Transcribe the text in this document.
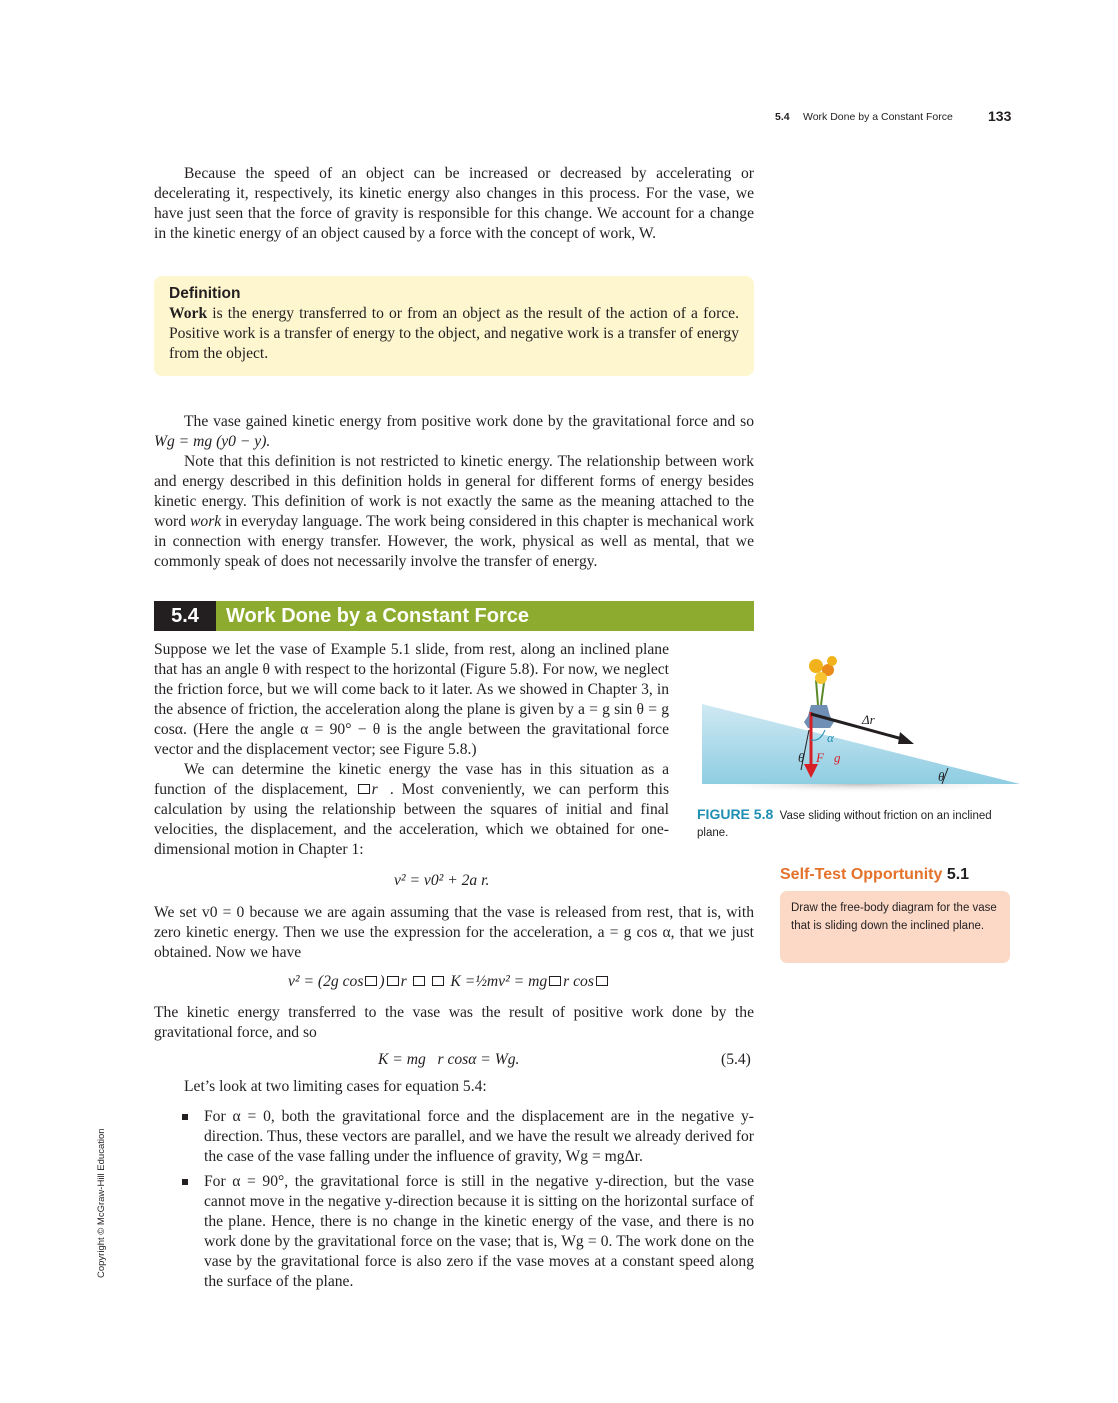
5.4 Work Done by a Constant Force	133

Because the speed of an object can be increased or decreased by accelerating or decelerating it, respectively, its kinetic energy also changes in this process. For the vase, we have just seen that the force of gravity is responsible for this change. We account for a change in the kinetic energy of an object caused by a force with the concept of work, W.

Definition
Work is the energy transferred to or from an object as the result of the action of a force. Positive work is a transfer of energy to the object, and negative work is a transfer of energy from the object.

The vase gained kinetic energy from positive work done by the gravitational force and so Wg = mg (y0 − y).

Note that this definition is not restricted to kinetic energy. The relationship between work and energy described in this definition holds in general for different forms of energy besides kinetic energy. This definition of work is not exactly the same as the meaning attached to the word work in everyday language. The work being considered in this chapter is mechanical work in connection with energy transfer. However, the work, physical as well as mental, that we commonly speak of does not necessarily involve the transfer of energy.

5.4	Work Done by a Constant Force

Suppose we let the vase of Example 5.1 slide, from rest, along an inclined plane that has an angle θ with respect to the horizontal (Figure 5.8). For now, we neglect the friction force, but we will come back to it later. As we showed in Chapter 3, in the absence of friction, the acceleration along the plane is given by a = g sin θ = g cosα. (Here the angle α = 90° − θ is the angle between the gravitational force vector and the displacement vector; see Figure 5.8.)

We can determine the kinetic energy the vase has in this situation as a function of the displacement, r⃗. Most conveniently, we can perform this calculation by using the relationship between the squares of initial and final velocities, the displacement, and the acceleration, which we obtained for one-dimensional motion in Chapter 1:

v² = v0² + 2a r.

We set v0 = 0 because we are again assuming that the vase is released from rest, that is, with zero kinetic energy. Then we use the expression for the acceleration, a = g cos α, that we just obtained. Now we have

v² = (2g cos ) r	K =½mv² = mg r cos

The kinetic energy transferred to the vase was the result of positive work done by the gravitational force, and so

K = mg   r cosα = Wg.	(5.4)

Let’s look at two limiting cases for equation 5.4:

For α = 0, both the gravitational force and the displacement are in the negative y-direction. Thus, these vectors are parallel, and we have the result we already derived for the case of the vase falling under the influence of gravity, Wg = mgΔr.
For α = 90°, the gravitational force is still in the negative y-direction, but the vase cannot move in the negative y-direction because it is sitting on the horizontal surface of the plane. Hence, there is no change in the kinetic energy of the vase, and there is no work done by the gravitational force on the vase; that is, Wg = 0. The work done on the vase by the gravitational force is also zero if the vase moves at a constant speed along the surface of the plane.
Δr⃗
α
θ F⃗g
θ
FIGURE 5.8 Vase sliding without friction on an inclined plane.
Self-Test Opportunity 5.1
Draw the free-body diagram for the vase that is sliding down the inclined plane.
Copyright © McGraw-Hill Education
